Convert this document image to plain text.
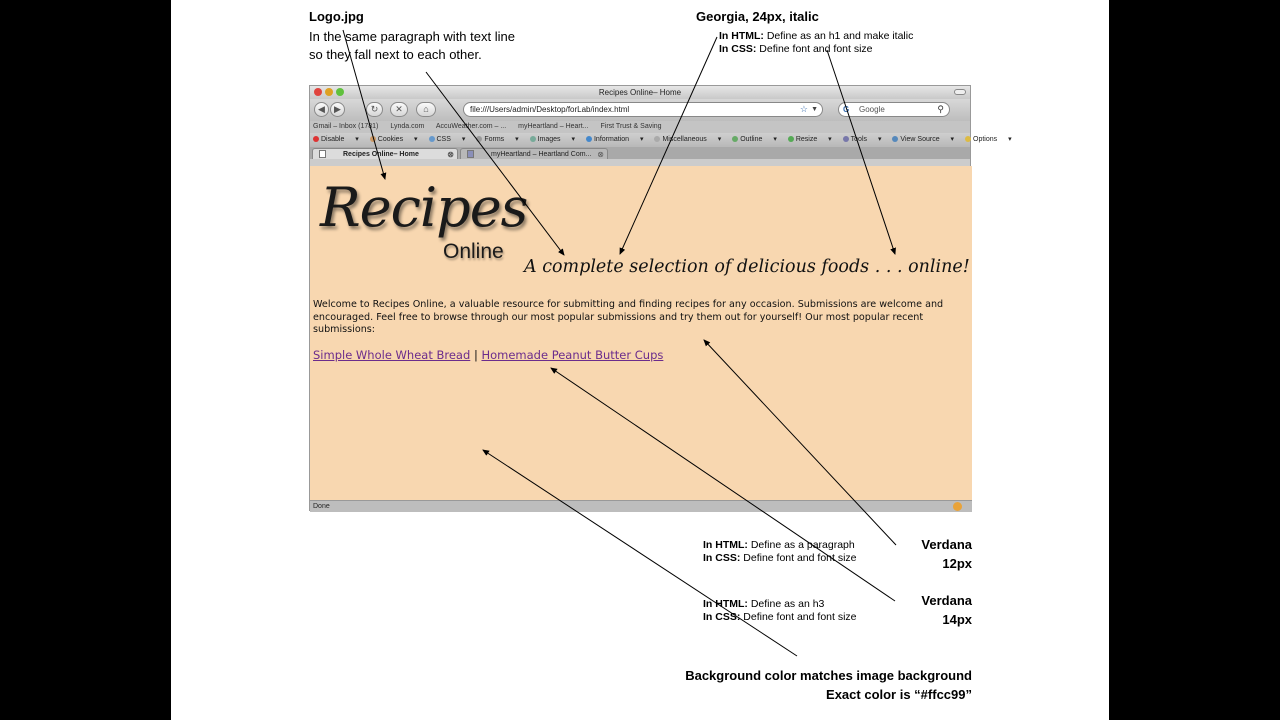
Logo.jpg
In the same paragraph with text line
so they fall next to each other.
Georgia, 24px, italic
In HTML: Define as an h1 and make italic
In CSS: Define font and font size
In HTML: Define as a paragraph
In CSS: Define font and font size
Verdana
12px
In HTML: Define as an h3
In CSS: Define font and font size
Verdana
14px
Background color matches image background
Exact color is “#ffcc99”
Recipes Online– Home
◀	▶	↻	✕	⌂	file:///Users/admin/Desktop/forLab/index.html	☆ ▼	G Google	⚲
Gmail – Inbox (1781) Lynda.com AccuWeather.com – ... myHeartland – Heart... First Trust & Saving
Disable ▾	Cookies ▾	CSS ▾	Forms ▾	Images ▾	Information ▾	Miscellaneous ▾	Outline ▾	Resize ▾	Tools ▾	View Source ▾	Options ▾
Recipes Online– Home	⊗	myHeartland – Heartland Com... ⊗
Recipes
Online
A complete selection of delicious foods . . . online!

Welcome to Recipes Online, a valuable resource for submitting and finding recipes for any occasion. Submissions are welcome and encouraged. Feel free to browse through our most popular submissions and try them out for yourself! Our most popular recent submissions:

Simple Whole Wheat Bread | Homemade Peanut Butter Cups
Done
